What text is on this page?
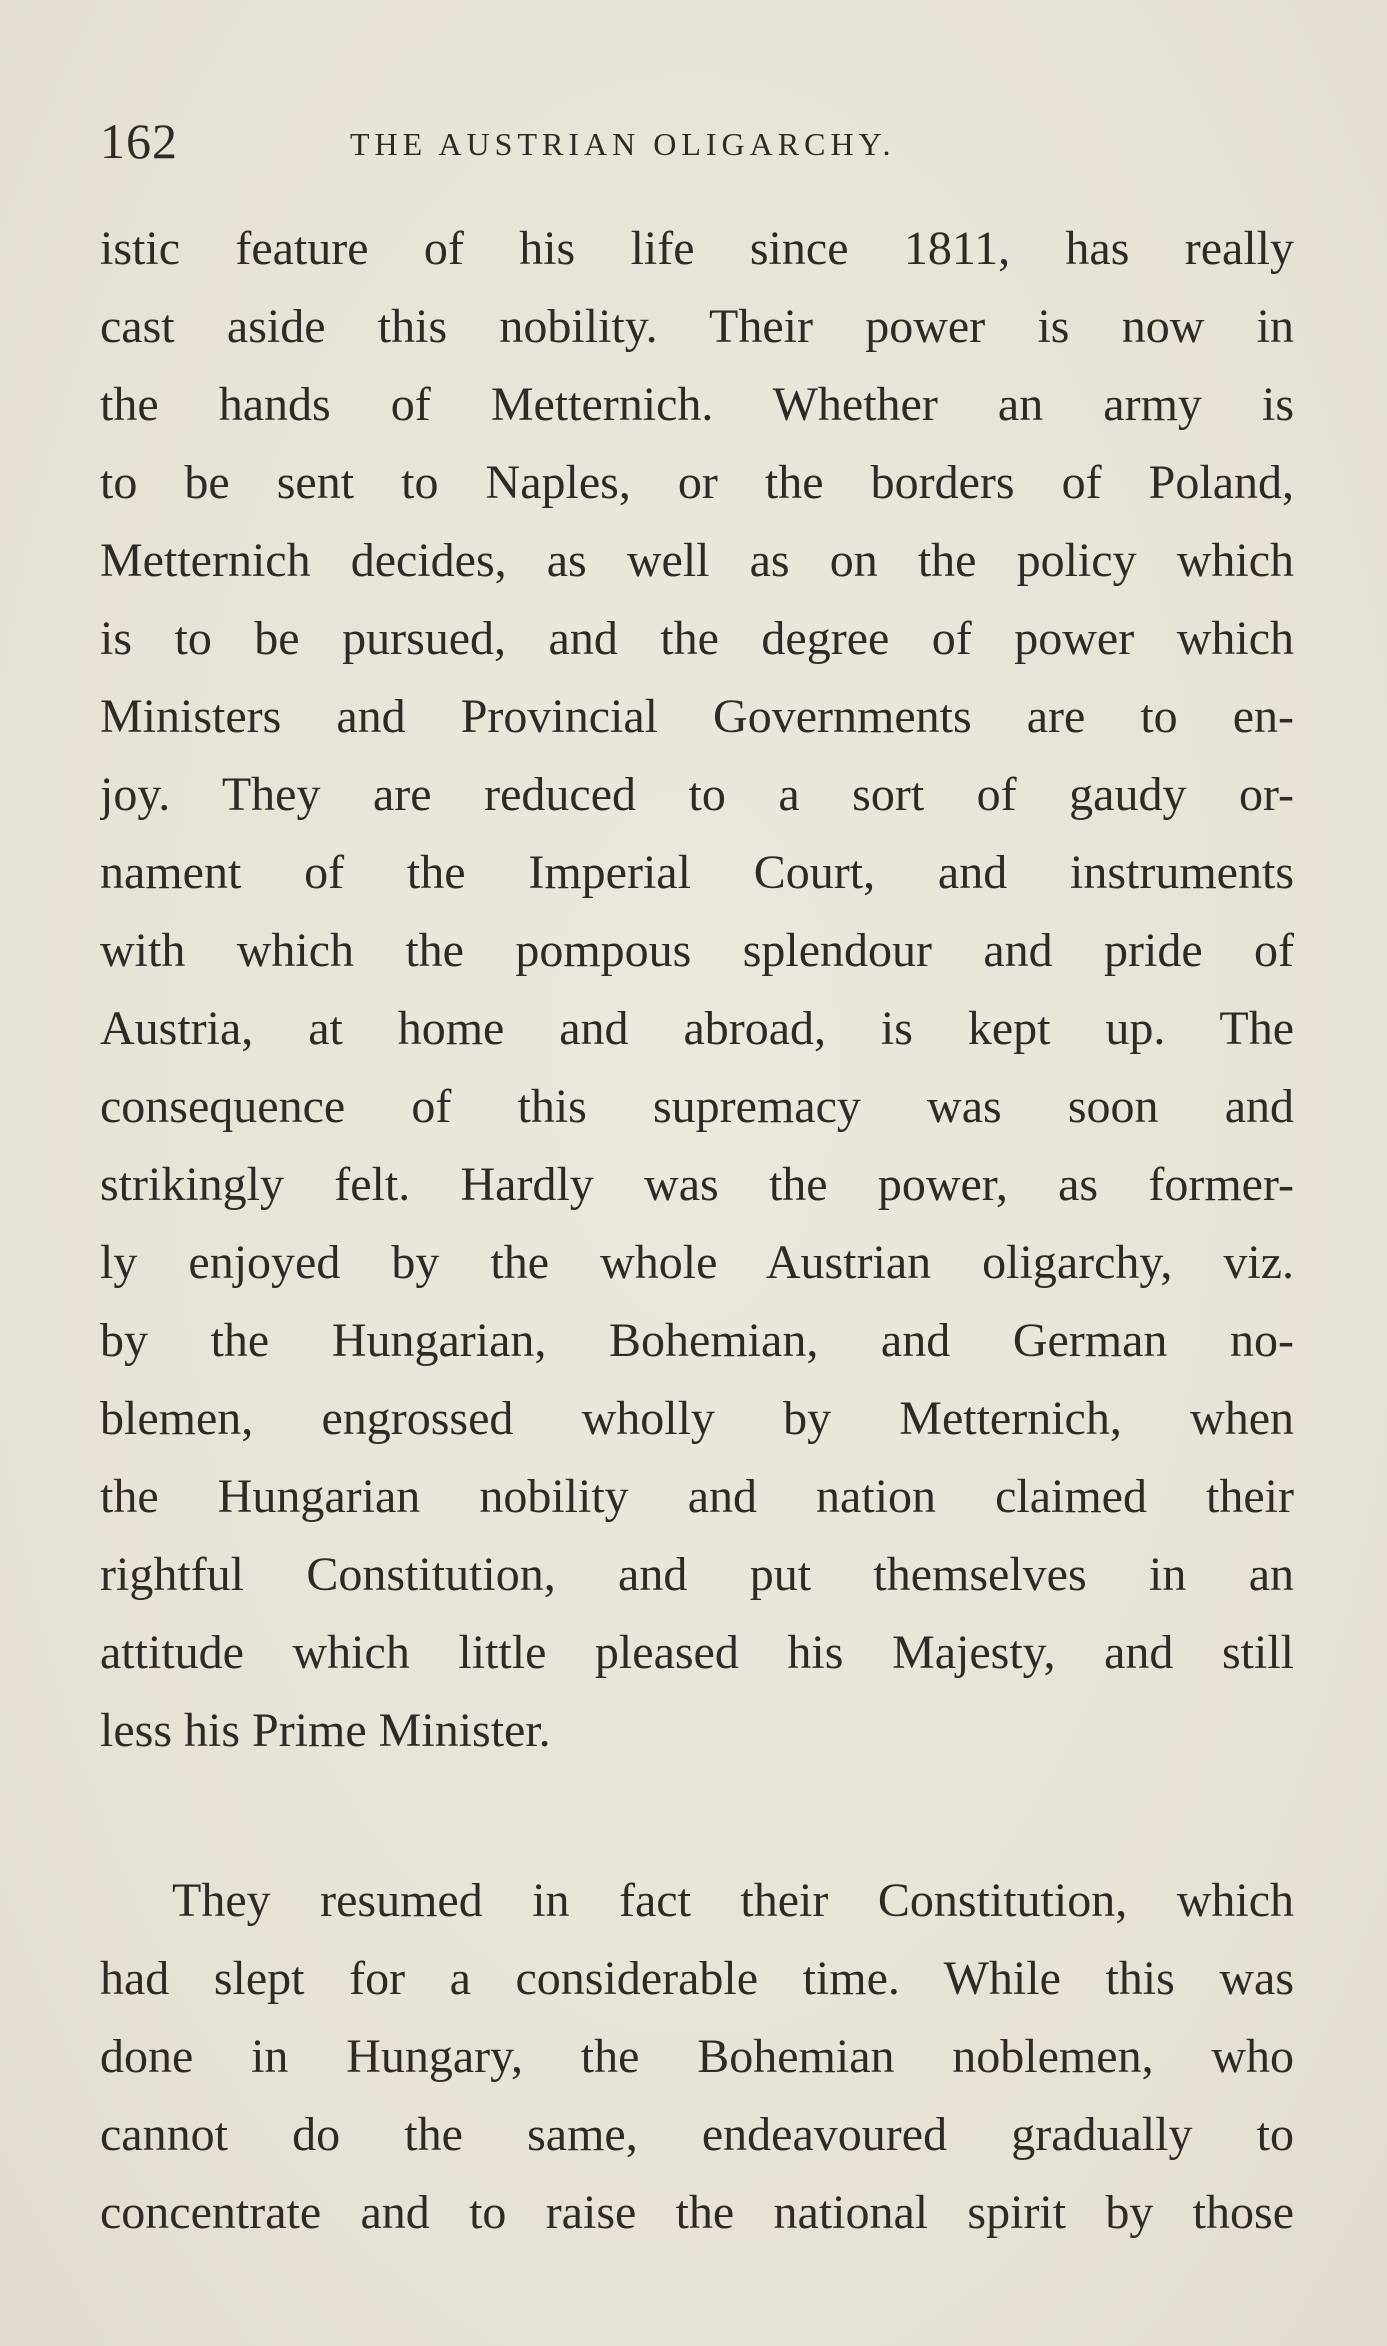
162	THE AUSTRIAN OLIGARCHY.
istic feature of his life since 1811, has really
cast aside this nobility. Their power is now in
the hands of Metternich. Whether an army is
to be sent to Naples, or the borders of Poland,
Metternich decides, as well as on the policy which
is to be pursued, and the degree of power which
Ministers and Provincial Governments are to en-
joy. They are reduced to a sort of gaudy or-
nament of the Imperial Court, and instruments
with which the pompous splendour and pride of
Austria, at home and abroad, is kept up. The
consequence of this supremacy was soon and
strikingly felt. Hardly was the power, as former-
ly enjoyed by the whole Austrian oligarchy, viz.
by the Hungarian, Bohemian, and German no-
blemen, engrossed wholly by Metternich, when
the Hungarian nobility and nation claimed their
rightful Constitution, and put themselves in an
attitude which little pleased his Majesty, and still
less his Prime Minister.
They resumed in fact their Constitution, which
had slept for a considerable time. While this was
done in Hungary, the Bohemian noblemen, who
cannot do the same, endeavoured gradually to
concentrate and to raise the national spirit by those
